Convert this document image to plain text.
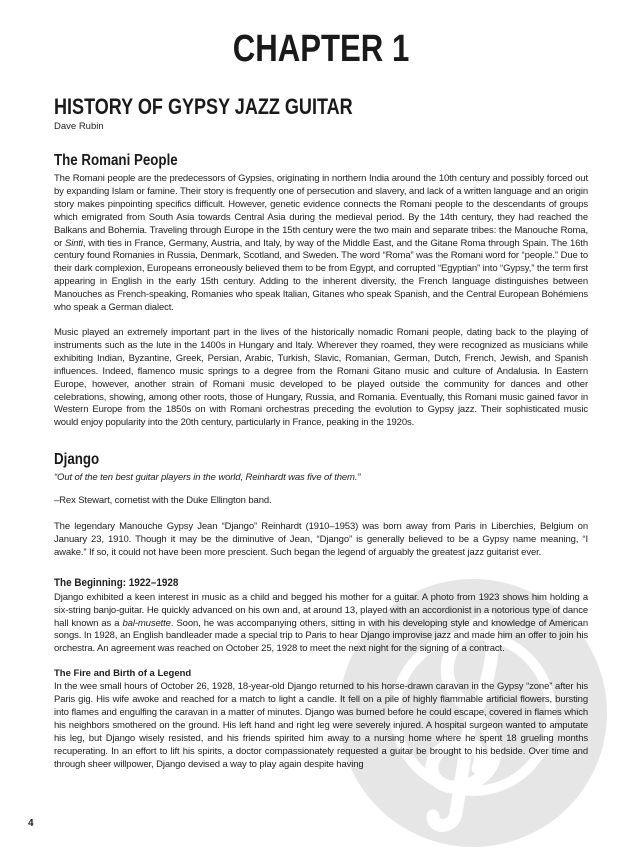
CHAPTER 1
HISTORY OF GYPSY JAZZ GUITAR
Dave Rubin
The Romani People

The Romani people are the predecessors of Gypsies, originating in northern India around the 10th century and possibly forced out by expanding Islam or famine. Their story is frequently one of persecution and slavery, and lack of a written language and an origin story makes pinpointing specifics difficult. However, genetic evidence connects the Romani people to the descendants of groups which emigrated from South Asia towards Central Asia during the medieval period. By the 14th century, they had reached the Balkans and Bohemia. Traveling through Europe in the 15th century were the two main and separate tribes: the Manouche Roma, or Sinti, with ties in France, Germany, Austria, and Italy, by way of the Middle East, and the Gitane Roma through Spain. The 16th century found Romanies in Russia, Denmark, Scotland, and Sweden. The word “Roma” was the Romani word for “people.” Due to their dark complexion, Europeans erroneously believed them to be from Egypt, and corrupted “Egyptian” into “Gypsy,” the term first appearing in English in the early 15th century. Adding to the inherent diversity, the French language distinguishes between Manouches as French-speaking, Romanies who speak Italian, Gitanes who speak Spanish, and the Central European Bohémiens who speak a German dialect.

Music played an extremely important part in the lives of the historically nomadic Romani people, dating back to the playing of instruments such as the lute in the 1400s in Hungary and Italy. Wherever they roamed, they were recognized as musicians while exhibiting Indian, Byzantine, Greek, Persian, Arabic, Turkish, Slavic, Romanian, German, Dutch, French, Jewish, and Spanish influences. Indeed, flamenco music springs to a degree from the Romani Gitano music and culture of Andalusia. In Eastern Europe, however, another strain of Romani music developed to be played outside the community for dances and other celebrations, showing, among other roots, those of Hungary, Russia, and Romania. Eventually, this Romani music gained favor in Western Europe from the 1850s on with Romani orchestras preceding the evolution to Gypsy jazz. Their sophisticated music would enjoy popularity into the 20th century, particularly in France, peaking in the 1920s.

Django

“Out of the ten best guitar players in the world, Reinhardt was five of them.”

–Rex Stewart, cornetist with the Duke Ellington band.

The legendary Manouche Gypsy Jean “Django” Reinhardt (1910–1953) was born away from Paris in Liberchies, Belgium on January 23, 1910. Though it may be the diminutive of Jean, “Django” is generally believed to be a Gypsy name meaning, “I awake.” If so, it could not have been more prescient. Such began the legend of arguably the greatest jazz guitarist ever.

The Beginning: 1922–1928

Django exhibited a keen interest in music as a child and begged his mother for a guitar. A photo from 1923 shows him holding a six-string banjo-guitar. He quickly advanced on his own and, at around 13, played with an accordionist in a notorious type of dance hall known as a bal-musette. Soon, he was accompanying others, sitting in with his developing style and knowledge of American songs. In 1928, an English bandleader made a special trip to Paris to hear Django improvise jazz and made him an offer to join his orchestra. An agreement was reached on October 25, 1928 to meet the next night for the signing of a contract.

The Fire and Birth of a Legend

In the wee small hours of October 26, 1928, 18-year-old Django returned to his horse-drawn caravan in the Gypsy “zone” after his Paris gig. His wife awoke and reached for a match to light a candle. It fell on a pile of highly flammable artificial flowers, bursting into flames and engulfing the caravan in a matter of minutes. Django was burned before he could escape, covered in flames which his neighbors smothered on the ground. His left hand and right leg were severely injured. A hospital surgeon wanted to amputate his leg, but Django wisely resisted, and his friends spirited him away to a nursing home where he spent 18 grueling months recuperating. In an effort to lift his spirits, a doctor compassionately requested a guitar be brought to his bedside. Over time and through sheer willpower, Django devised a way to play again despite having

4
